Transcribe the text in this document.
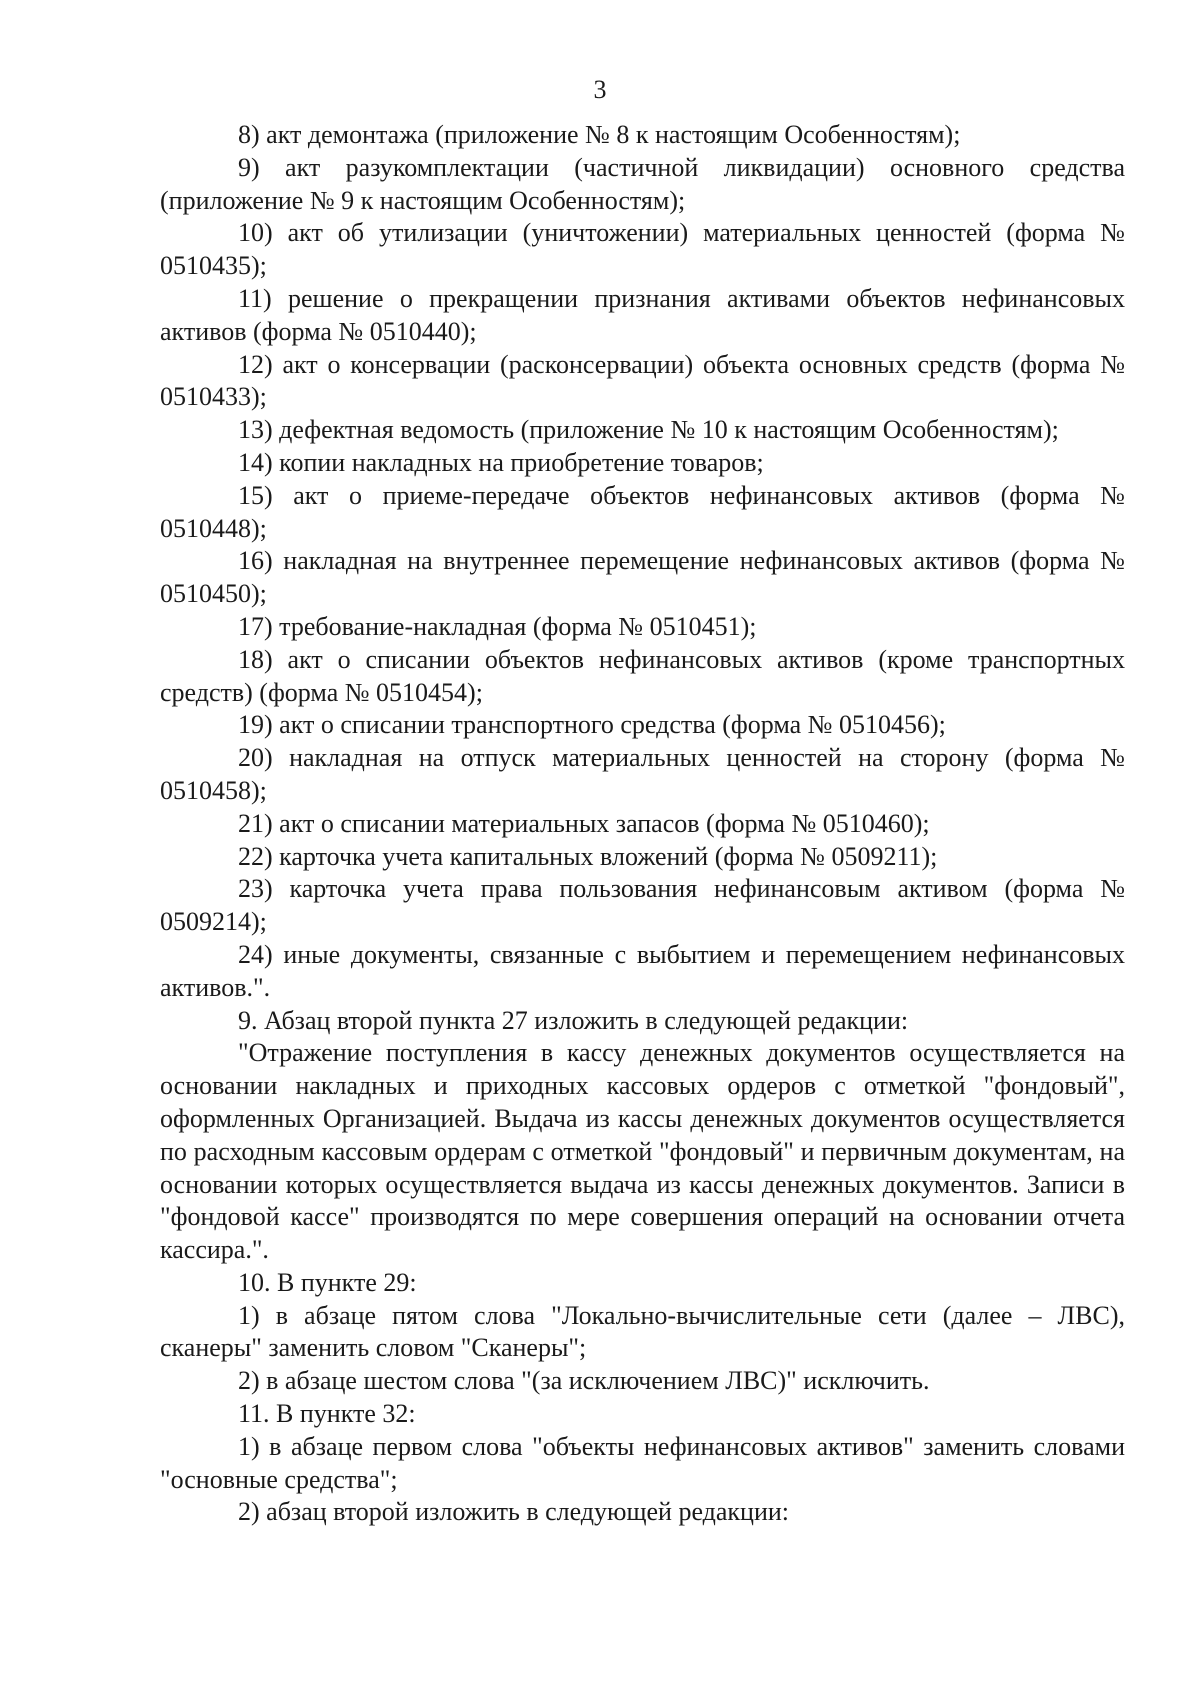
3

8) акт демонтажа (приложение № 8 к настоящим Особенностям);

9) акт разукомплектации (частичной ликвидации) основного средства (приложение № 9 к настоящим Особенностям);

10) акт об утилизации (уничтожении) материальных ценностей (форма № 0510435);

11) решение о прекращении признания активами объектов нефинансовых активов (форма № 0510440);

12) акт о консервации (расконсервации) объекта основных средств (форма № 0510433);

13) дефектная ведомость (приложение № 10 к настоящим Особенностям);

14) копии накладных на приобретение товаров;

15) акт о приеме-передаче объектов нефинансовых активов (форма № 0510448);

16) накладная на внутреннее перемещение нефинансовых активов (форма № 0510450);

17) требование-накладная (форма № 0510451);

18) акт о списании объектов нефинансовых активов (кроме транспортных средств) (форма № 0510454);

19) акт о списании транспортного средства (форма № 0510456);

20) накладная на отпуск материальных ценностей на сторону (форма № 0510458);

21) акт о списании материальных запасов (форма № 0510460);

22) карточка учета капитальных вложений (форма № 0509211);

23) карточка учета права пользования нефинансовым активом (форма № 0509214);

24) иные документы, связанные с выбытием и перемещением нефинансовых активов.".

9. Абзац второй пункта 27 изложить в следующей редакции:

"Отражение поступления в кассу денежных документов осуществляется на основании накладных и приходных кассовых ордеров с отметкой "фондовый", оформленных Организацией. Выдача из кассы денежных документов осуществляется по расходным кассовым ордерам с отметкой "фондовый" и первичным документам, на основании которых осуществляется выдача из кассы денежных документов. Записи в "фондовой кассе" производятся по мере совершения операций на основании отчета кассира.".

10. В пункте 29:

1) в абзаце пятом слова "Локально-вычислительные сети (далее – ЛВС), сканеры" заменить словом "Сканеры";

2) в абзаце шестом слова "(за исключением ЛВС)" исключить.

11. В пункте 32:

1) в абзаце первом слова "объекты нефинансовых активов" заменить словами "основные средства";

2) абзац второй изложить в следующей редакции:
